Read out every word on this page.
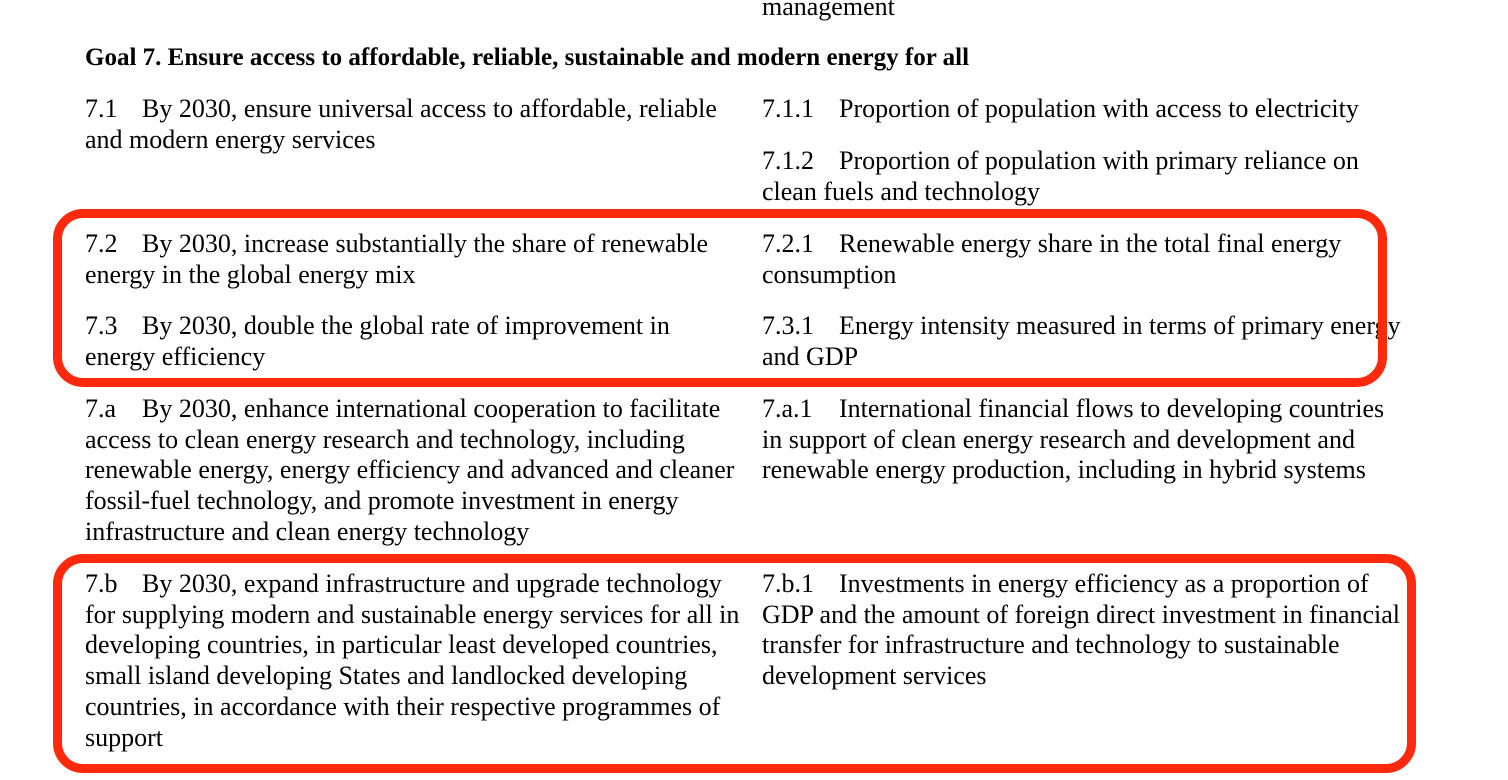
management
Goal 7. Ensure access to affordable, reliable, sustainable and modern energy for all
7.1 By 2030, ensure universal access to affordable, reliable and modern energy services
7.1.1 Proportion of population with access to electricity
7.1.2 Proportion of population with primary reliance on clean fuels and technology
7.2 By 2030, increase substantially the share of renewable energy in the global energy mix
7.2.1 Renewable energy share in the total final energy consumption
7.3 By 2030, double the global rate of improvement in energy efficiency
7.3.1 Energy intensity measured in terms of primary energy and GDP
7.a By 2030, enhance international cooperation to facilitate access to clean energy research and technology, including renewable energy, energy efficiency and advanced and cleaner fossil-fuel technology, and promote investment in energy infrastructure and clean energy technology
7.a.1 International financial flows to developing countries in support of clean energy research and development and renewable energy production, including in hybrid systems
7.b By 2030, expand infrastructure and upgrade technology for supplying modern and sustainable energy services for all in developing countries, in particular least developed countries, small island developing States and landlocked developing countries, in accordance with their respective programmes of support
7.b.1 Investments in energy efficiency as a proportion of GDP and the amount of foreign direct investment in financial transfer for infrastructure and technology to sustainable development services
